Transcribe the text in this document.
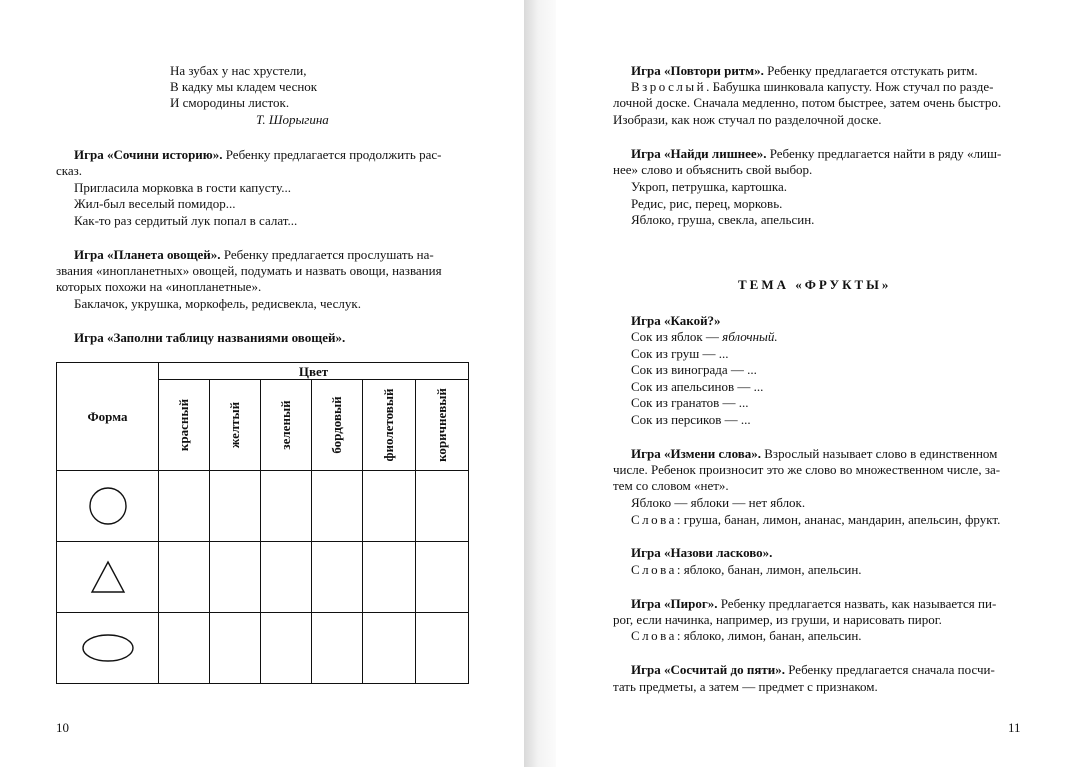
На зубах у нас хрустели,
В кадку мы кладем чеснок
И смородины листок.
Т. Шорыгина
Игра «Сочини историю». Ребенку предлагается продолжить рас-
сказ.
Пригласила морковка в гости капусту...
Жил-был веселый помидор...
Как-то раз сердитый лук попал в салат...
Игра «Планета овощей». Ребенку предлагается прослушать на-
звания «инопланетных» овощей, подумать и назвать овощи, названия
которых похожи на «инопланетные».
Баклачок, укрушка, моркофель, редисвекла, чеслук.
Игра «Заполни таблицу названиями овощей».
Форма	Цвет					

	красный	желтый	зеленый	бордовый	фиолетовый	коричневый

10
Игра «Повтори ритм». Ребенку предлагается отстукать ритм.
Взрослый. Бабушка шинковала капусту. Нож стучал по разде-
лочной доске. Сначала медленно, потом быстрее, затем очень быстро.
Изобрази, как нож стучал по разделочной доске.
Игра «Найди лишнее». Ребенку предлагается найти в ряду «лиш-
нее» слово и объяснить свой выбор.
Укроп, петрушка, картошка.
Редис, рис, перец, морковь.
Яблоко, груша, свекла, апельсин.
ТЕМА «ФРУКТЫ»
Игра «Какой?»
Сок из яблок — яблочный.
Сок из груш — ...
Сок из винограда — ...
Сок из апельсинов — ...
Сок из гранатов — ...
Сок из персиков — ...
Игра «Измени слова». Взрослый называет слово в единственном
числе. Ребенок произносит это же слово во множественном числе, за-
тем со словом «нет».
Яблоко — яблоки — нет яблок.
Слова: груша, банан, лимон, ананас, мандарин, апельсин, фрукт.
Игра «Назови ласково».
Слова: яблоко, банан, лимон, апельсин.
Игра «Пирог». Ребенку предлагается назвать, как называется пи-
рог, если начинка, например, из груши, и нарисовать пирог.
Слова: яблоко, лимон, банан, апельсин.
Игра «Сосчитай до пяти». Ребенку предлагается сначала посчи-
тать предметы, а затем — предмет с признаком.
11
